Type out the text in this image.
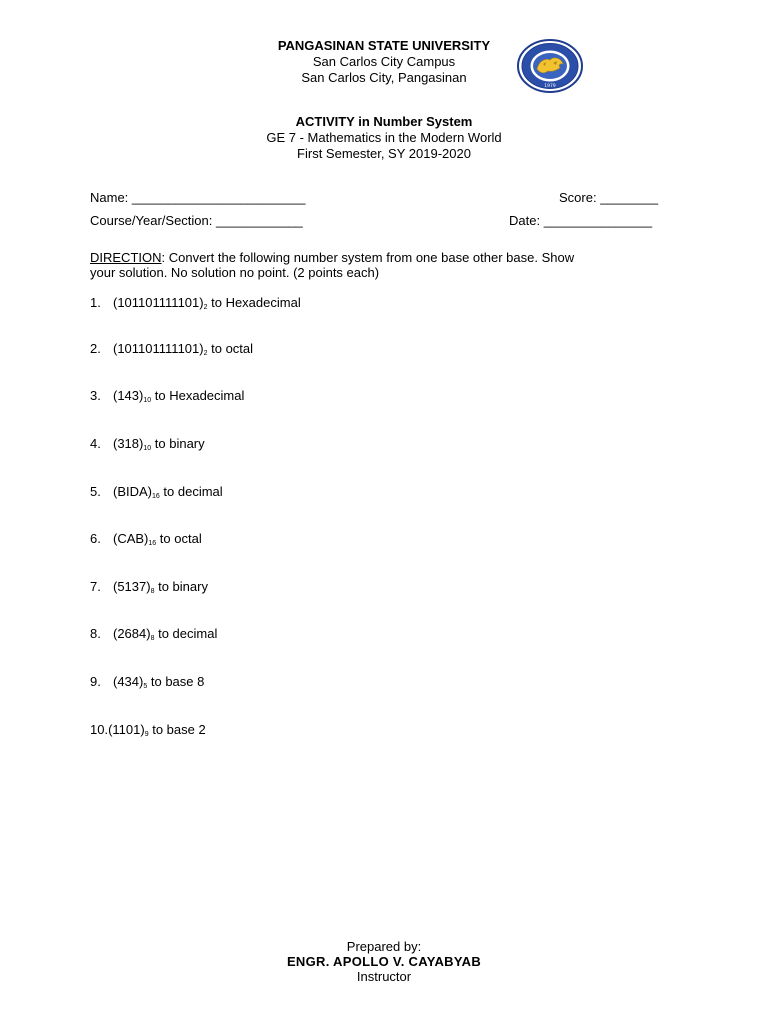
PANGASINAN STATE UNIVERSITY
San Carlos City Campus
San Carlos City, Pangasinan
1979
ACTIVITY in Number System
GE 7 - Mathematics in the Modern World
First Semester, SY 2019-2020
Name: ________________________	Score: ________
Course/Year/Section: ____________	Date: _______________
DIRECTION: Convert the following number system from one base other base. Show
your solution. No solution no point. (2 points each)
1. $(101101111101)_2$ to Hexadecimal
2. $(101101111101)_2$ to octal
3. $(143)_{10}$ to Hexadecimal
4. $(318)_{10}$ to binary
5. $(BIDA)_{16}$ to decimal
6. $(CAB)_{16}$ to octal
7. $(5137)_8$ to binary
8. $(2684)_8$ to decimal
9. $(434)_5$ to base 8
$10.(1101)_9$ to base 2
Prepared by:
ENGR. APOLLO V. CAYABYAB
Instructor
